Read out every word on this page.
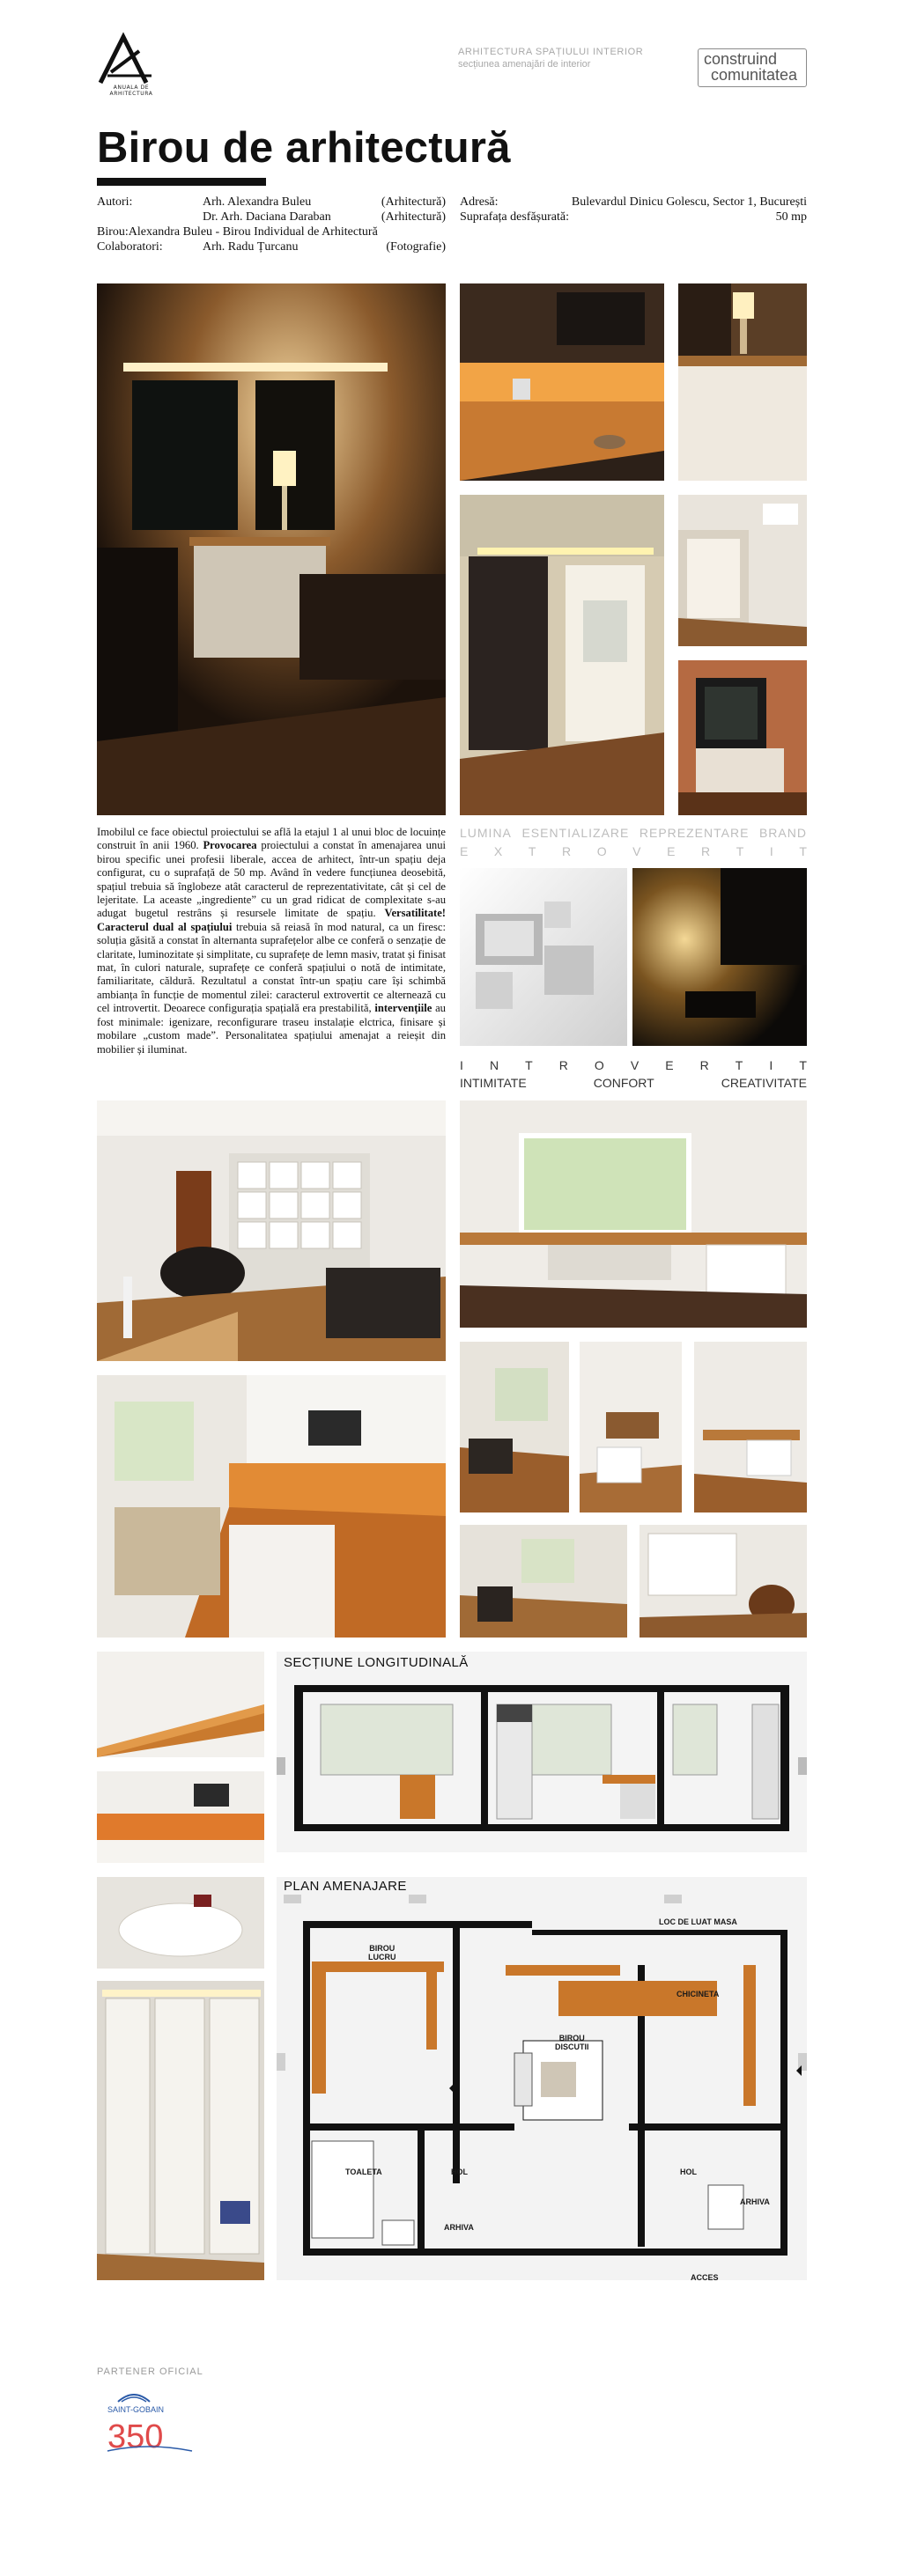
ANUALA DE ARHITECTURA
ARHITECTURA SPAȚIULUI INTERIOR
secțiunea amenajări de interior	construind
comunitatea
Birou de arhitectură
Autori:	Arh. Alexandra Buleu	(Arhitectură)
Dr. Arh. Daciana Daraban	(Arhitectură)
Birou: Alexandra Buleu - Birou Individual de Arhitectură
Colaboratori:	Arh. Radu Țurcanu	(Fotografie)
Adresă:	Bulevardul Dinicu Golescu, Sector 1, București
Suprafața desfășurată:	50 mp
Imobilul ce face obiectul proiectului se află la etajul 1 al unui bloc de locuințe construit în anii 1960. Provocarea proiectului a constat în amenajarea unui birou specific unei profesii liberale, accea de arhitect, într-un spațiu deja configurat, cu o suprafață de 50 mp. Având în vedere funcțiunea deosebită, spațiul trebuia să înglobeze atât caracterul de reprezentativitate, cât și cel de lejeritate. La aceaste „ingrediente” cu un grad ridicat de complexitate s-au adugat bugetul restrâns și resursele limitate de spațiu. Versatilitate! Caracterul dual al spațiului trebuia să reiasă în mod natural, ca un firesc: soluția găsită a constat în alternanta suprafețelor albe ce conferă o senzație de claritate, luminozitate și simplitate, cu suprafețe de lemn masiv, tratat și finisat mat, în culori naturale, suprafețe ce conferă spațiului o notă de intimitate, familiaritate, căldură. Rezultatul a constat într-un spațiu care își schimbă ambianța în funcție de momentul zilei: caracterul extrovertit ce alternează cu cel introvertit. Deoarece configurația spațială era prestabilită, intervențiile au fost minimale: igenizare, reconfigurare traseu instalație elctrica, finisare și mobilare „custom made”. Personalitatea spațiului amenajat a reieșit din mobilier și iluminat.
LUMINA ESENTIALIZARE REPREZENTARE BRAND
E X T R O V E R T I T
I N T R O V E R T I T
INTIMITATE	CONFORT	CREATIVITATE
SECȚIUNE LONGITUDINALĂ
PLAN AMENAJARE
BIROU
LUCRU
LOC DE LUAT MASA
CHICINETA
BIROU
DISCUTII
TOALETA	HOL	HOL
ARHIVA
ARHIVA
ACCES
PARTENER OFICIAL
SAINT-GOBAIN
350
